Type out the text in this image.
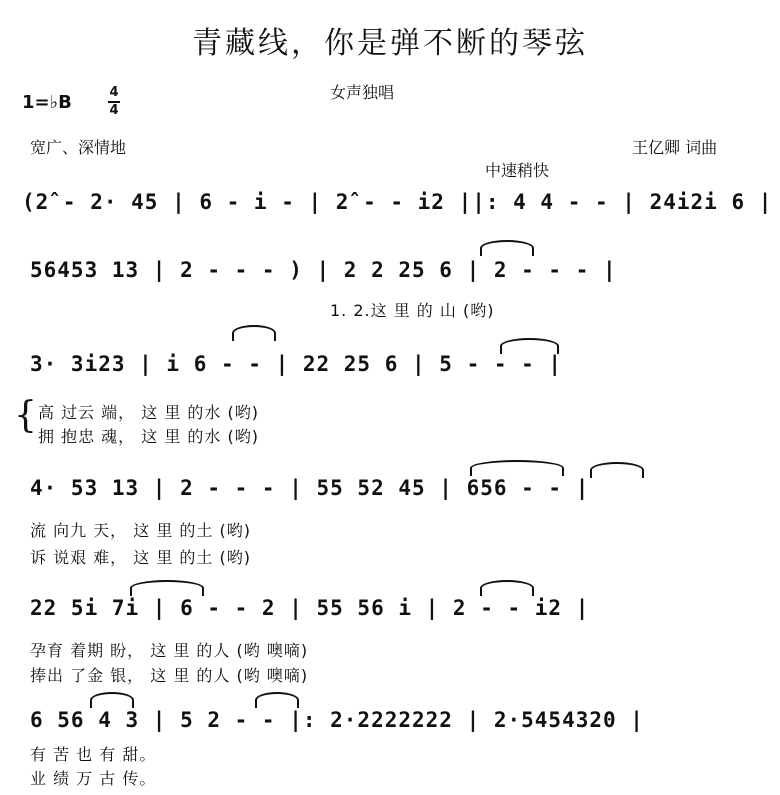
青藏线，你是弹不断的琴弦
女声独唱
1=♭B	4
4
宽广、深情地
中速稍快
王亿卿 词曲
(2̂ - 2· 45 | 6 - i - | 2̂ - - i2 ||: 4 4 - - | 24i2i 6 |
56453 13 | 2 - - - ) | 2 2 25 6 | 2 - - - |
1. 2.这 里 的 山 (哟)
3· 3i23 | i 6 - - | 22 25 6 | 5 - - - |
{ 高 过云 端， 这 里 的水 (哟)
拥 抱忠 魂， 这 里 的水 (哟)
4· 53 13 | 2 - - - | 55 52 45 | 656 - - |
流 向九 天， 这 里 的土 (哟)
诉 说艰 难， 这 里 的土 (哟)
22 5i 7i | 6 - - 2 | 55 56 i | 2 - - i2 |
孕育 着期 盼， 这 里 的人 (哟 噢嘀)
捧出 了金 银， 这 里 的人 (哟 噢嘀)
6 56 4 3 | 5 2 - - |: 2·2222222 | 2·5454320 |
有 苦 也 有 甜。
业 绩 万 古 传。
